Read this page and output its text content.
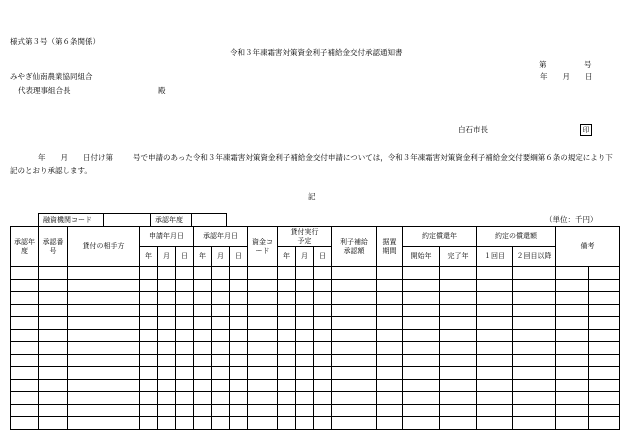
様式第３号（第６条関係）
令和３年凍霜害対策資金利子補給金交付承認通知書
第　　　　　号
みやぎ仙南農業協同組合	年　　月　　日
代表理事組合長	殿
白石市長	印
年　　月　　日付け第	号で申請のあった令和３年凍霜害対策資金利子補給金交付申請については，令和３年凍霜害対策資金利子補給金交付要綱第６条の規定により下記のとおり承認します。
記
（単位：千円）
融資機関コード	承認年度
承認年度	承認番号	貸付の相手方	申請年月日			承認年月日			資金コード	貸付実行予定			利子補給承認額	据置期間	約定償還年		約定の償還額		備考	
			年	月	日	年	月	日		年	月	日			開始年	完了年	１回目	２回目以降		
